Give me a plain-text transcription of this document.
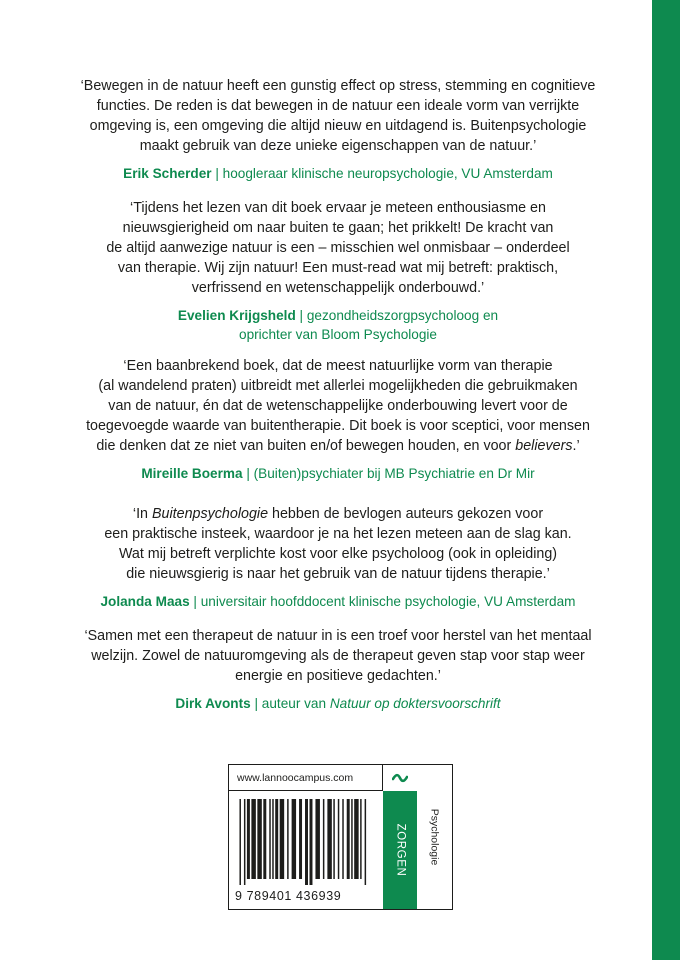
‘Bewegen in de natuur heeft een gunstig effect op stress, stemming en cognitieve
functies. De reden is dat bewegen in de natuur een ideale vorm van verrijkte
omgeving is, een omgeving die altijd nieuw en uitdagend is. Buitenpsychologie
maakt gebruik van deze unieke eigenschappen van de natuur.’
Erik Scherder | hoogleraar klinische neuropsychologie, VU Amsterdam
‘Tijdens het lezen van dit boek ervaar je meteen enthousiasme en
nieuwsgierigheid om naar buiten te gaan; het prikkelt! De kracht van
de altijd aanwezige natuur is een – misschien wel onmisbaar – onderdeel
van therapie. Wij zijn natuur! Een must-read wat mij betreft: praktisch,
verfrissend en wetenschappelijk onderbouwd.’
Evelien Krijgsheld | gezondheidszorgpsycholoog en
oprichter van Bloom Psychologie
‘Een baanbrekend boek, dat de meest natuurlijke vorm van therapie
(al wandelend praten) uitbreidt met allerlei mogelijkheden die gebruikmaken
van de natuur, én dat de wetenschappelijke onderbouwing levert voor de
toegevoegde waarde van buitentherapie. Dit boek is voor sceptici, voor mensen
die denken dat ze niet van buiten en/of bewegen houden, en voor believers.’
Mireille Boerma | (Buiten)psychiater bij MB Psychiatrie en Dr Mir
‘In Buitenpsychologie hebben de bevlogen auteurs gekozen voor
een praktische insteek, waardoor je na het lezen meteen aan de slag kan.
Wat mij betreft verplichte kost voor elke psycholoog (ook in opleiding)
die nieuwsgierig is naar het gebruik van de natuur tijdens therapie.’
Jolanda Maas | universitair hoofddocent klinische psychologie, VU Amsterdam
‘Samen met een therapeut de natuur in is een troef voor herstel van het mentaal
welzijn. Zowel de natuuromgeving als de therapeut geven stap voor stap weer
energie en positieve gedachten.’
Dirk Avonts | auteur van Natuur op doktersvoorschrift
www.lannoocampus.com
9 789401 436939
ZORGEN Psychologie
